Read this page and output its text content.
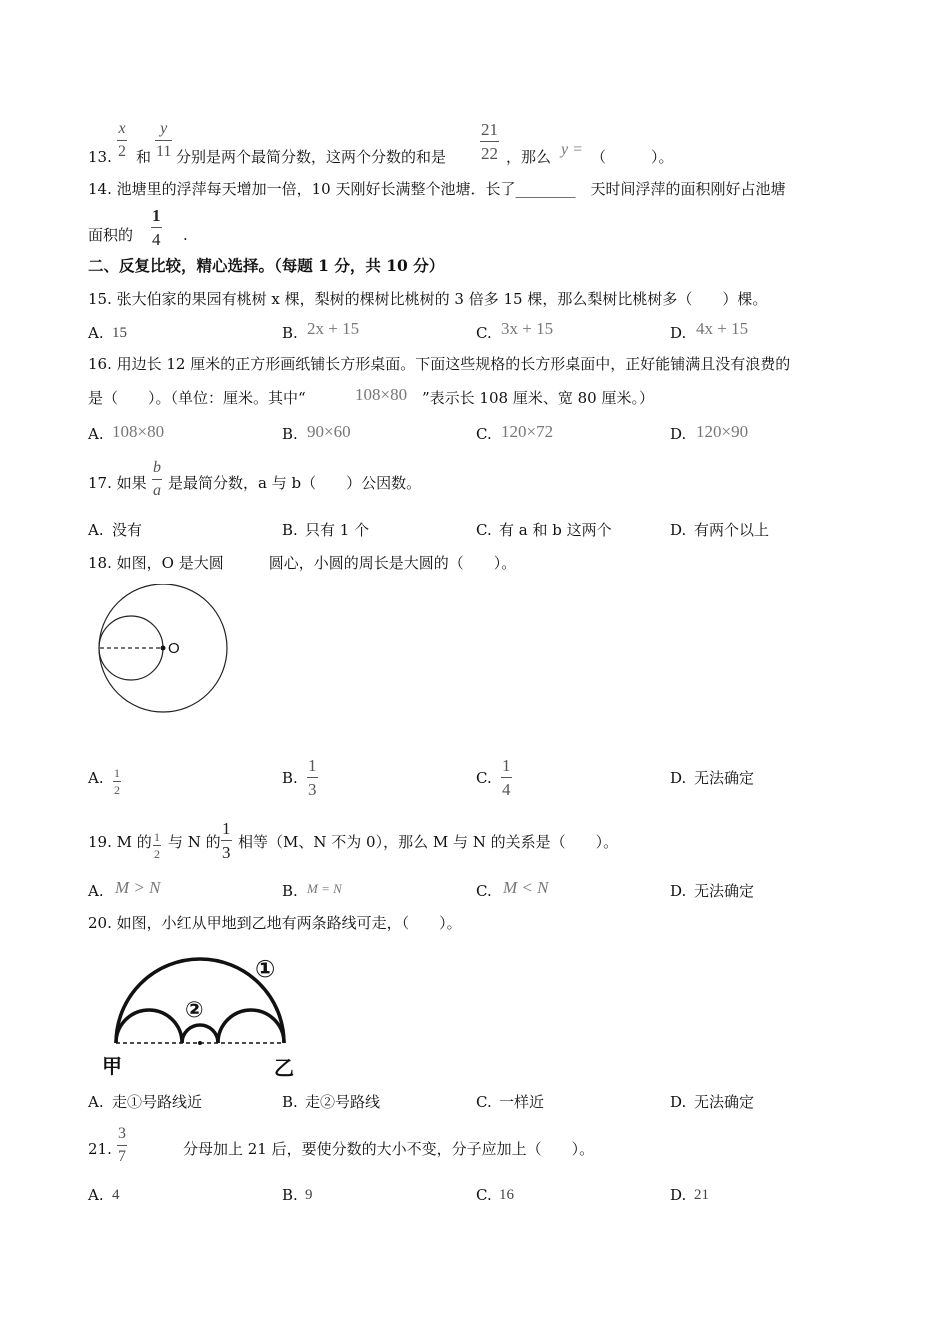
13.
x
2 和
y
11 分别是两个最简分数，这两个分数的和是
21
22 ，那么 y = （　　　）。
14. 池塘里的浮萍每天增加一倍，10 天刚好长满整个池塘．长了________　天时间浮萍的面积刚好占池塘
面积的
1
4 .
二、反复比较，精心选择。（每题 1 分，共 10 分）
15. 张大伯家的果园有桃树 x 棵，梨树的棵树比桃树的 3 倍多 15 棵，那么梨树比桃树多（　　）棵。
A. 15	B. 2x + 15	C. 3x + 15	D. 4x + 15
16. 用边长 12 厘米的正方形画纸铺长方形桌面。下面这些规格的长方形桌面中，正好能铺满且没有浪费的
是（　　）。（单位：厘米。其中“	108×80 ”表示长 108 厘米、宽 80 厘米。）
A. 108×80	B. 90×60	C. 120×72	D. 120×90
17. 如果
b
a 是最简分数，a 与 b（　　）公因数。
A. 没有	B. 只有 1 个	C. 有 a 和 b 这两个	D. 有两个以上
18. 如图，O 是大圆　　　圆心，小圆的周长是大圆的（　　）。
O
A. 1
2
B.
1
3
C.
1
4
D. 无法确定
19. M 的 1
2
与 N 的
1
3
相等（M、N 不为 0），那么 M 与 N 的关系是（　　）。
A. M > N	B. M = N	C. M < N	D. 无法确定
20. 如图，小红从甲地到乙地有两条路线可走，（　　）。
①
②
甲	乙
A. 走①号路线近	B. 走②号路线	C. 一样近	D. 无法确定
21.
3
7	分母加上 21 后，要使分数的大小不变，分子应加上（　　）。
A. 4	B. 9	C. 16	D. 21
